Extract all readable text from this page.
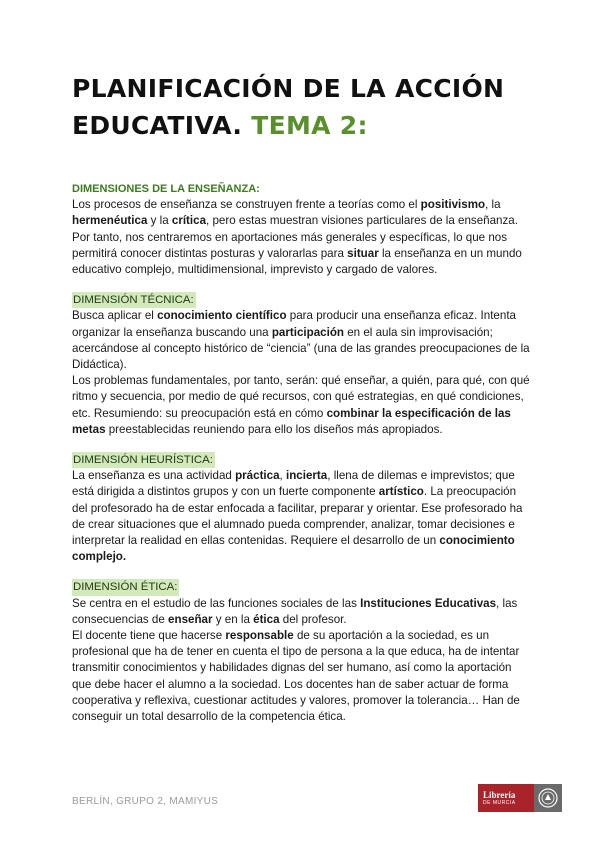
PLANIFICACIÓN DE LA ACCIÓN EDUCATIVA. TEMA 2:
DIMENSIONES DE LA ENSEÑANZA:

Los procesos de enseñanza se construyen frente a teorías como el positivismo, la hermenéutica y la crítica, pero estas muestran visiones particulares de la enseñanza. Por tanto, nos centraremos en aportaciones más generales y específicas, lo que nos permitirá conocer distintas posturas y valorarlas para situar la enseñanza en un mundo educativo complejo, multidimensional, imprevisto y cargado de valores.

DIMENSIÓN TÉCNICA:

Busca aplicar el conocimiento científico para producir una enseñanza eficaz. Intenta organizar la enseñanza buscando una participación en el aula sin improvisación; acercándose al concepto histórico de “ciencia” (una de las grandes preocupaciones de la Didáctica).

Los problemas fundamentales, por tanto, serán: qué enseñar, a quién, para qué, con qué ritmo y secuencia, por medio de qué recursos, con qué estrategias, en qué condiciones, etc. Resumiendo: su preocupación está en cómo combinar la especificación de las metas preestablecidas reuniendo para ello los diseños más apropiados.

DIMENSIÓN HEURÍSTICA:

La enseñanza es una actividad práctica, incierta, llena de dilemas e imprevistos; que está dirigida a distintos grupos y con un fuerte componente artístico. La preocupación del profesorado ha de estar enfocada a facilitar, preparar y orientar. Ese profesorado ha de crear situaciones que el alumnado pueda comprender, analizar, tomar decisiones e interpretar la realidad en ellas contenidas. Requiere el desarrollo de un conocimiento complejo.

DIMENSIÓN ÉTICA:

Se centra en el estudio de las funciones sociales de las Instituciones Educativas, las consecuencias de enseñar y en la ética del profesor.

El docente tiene que hacerse responsable de su aportación a la sociedad, es un profesional que ha de tener en cuenta el tipo de persona a la que educa, ha de intentar transmitir conocimientos y habilidades dignas del ser humano, así como la aportación que debe hacer el alumno a la sociedad. Los docentes han de saber actuar de forma cooperativa y reflexiva, cuestionar actitudes y valores, promover la tolerancia… Han de conseguir un total desarrollo de la competencia ética.

BERLÍN, GRUPO 2, MAMIYUS
Librería
DE MURCIA
